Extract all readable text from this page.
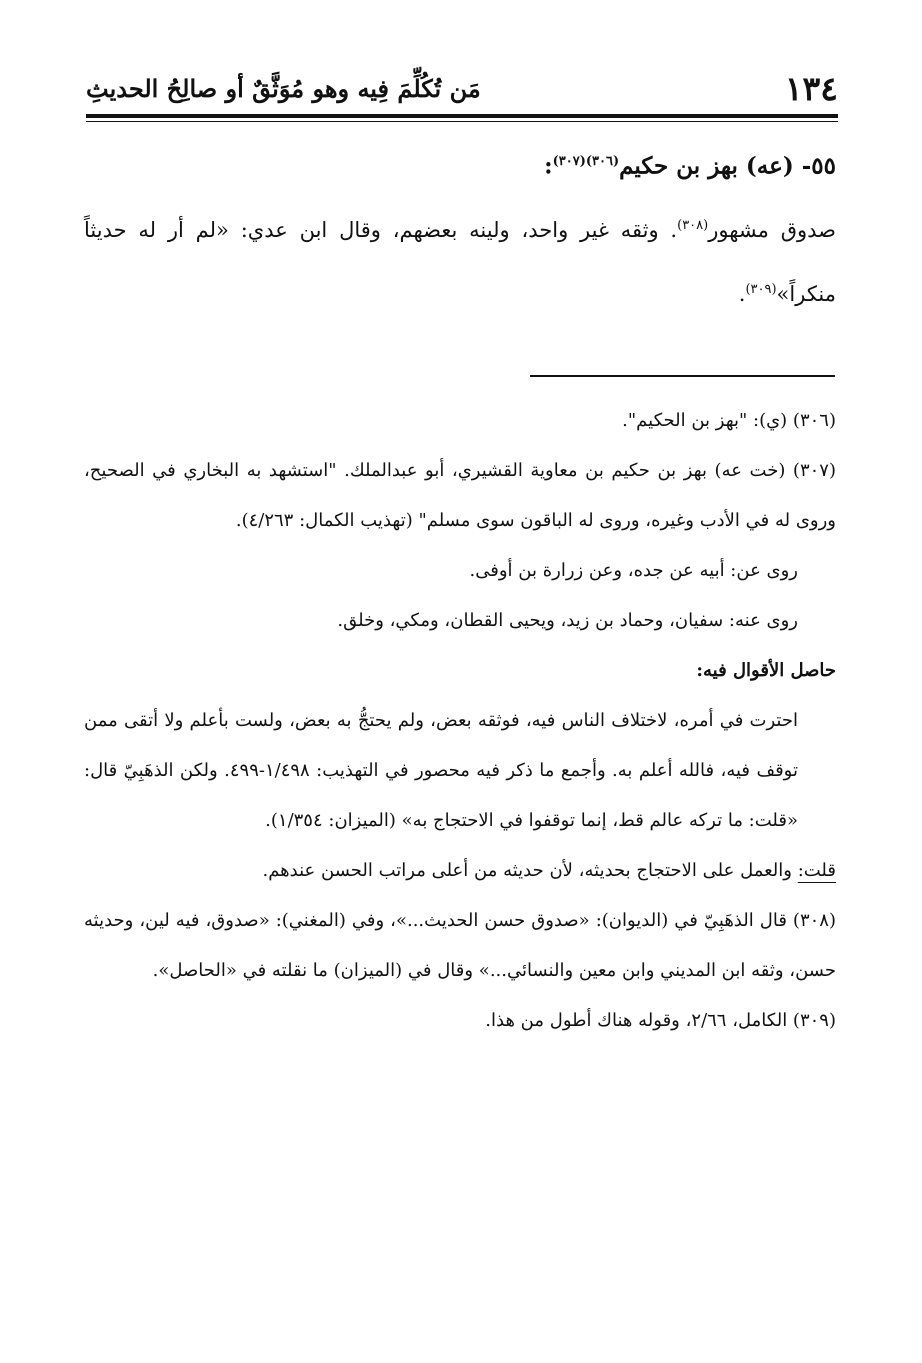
١٣٤
مَن تُكُلِّمَ فِيه وهو مُوَثَّقٌ أو صالِحُ الحديثِ
٥٥- (عه) بهز بن حكيم$^{(٣٠٦)(٣٠٧)}$:
صدوق مشهور$^{(٣٠٨)}$. وثقه غير واحد، ولينه بعضهم، وقال ابن عدي: «لم أر له حديثاً منكراً»$^{(٣٠٩)}$.

(٣٠٦) (ي): "بهز بن الحكيم".

(٣٠٧) (خت عه) بهز بن حكيم بن معاوية القشيري، أبو عبدالملك. "استشهد به البخاري في الصحيح، وروى له في الأدب وغيره، وروى له الباقون سوى مسلم" (تهذيب الكمال: ٤/٢٦٣).

روى عن: أبيه عن جده، وعن زرارة بن أوفى.

روى عنه: سفيان، وحماد بن زيد، ويحيى القطان، ومكي، وخلق.

حاصل الأقوال فيه:

احترت في أمره، لاختلاف الناس فيه، فوثقه بعض، ولم يحتجُّ به بعض، ولست بأعلم ولا أتقى ممن توقف فيه، فالله أعلم به. وأجمع ما ذكر فيه محصور في التهذيب: ١/٤٩٨-٤٩٩. ولكن الذهَبِيّ قال: «قلت: ما تركه عالم قط، إنما توقفوا في الاحتجاج به» (الميزان: ١/٣٥٤).

قلت: والعمل على الاحتجاج بحديثه، لأن حديثه من أعلى مراتب الحسن عندهم.

(٣٠٨) قال الذهَبِيّ في (الديوان): «صدوق حسن الحديث...»، وفي (المغني): «صدوق، فيه لين، وحديثه حسن، وثقه ابن المديني وابن معين والنسائي...» وقال في (الميزان) ما نقلته في «الحاصل».

(٣٠٩) الكامل، ٢/٦٦، وقوله هناك أطول من هذا.
